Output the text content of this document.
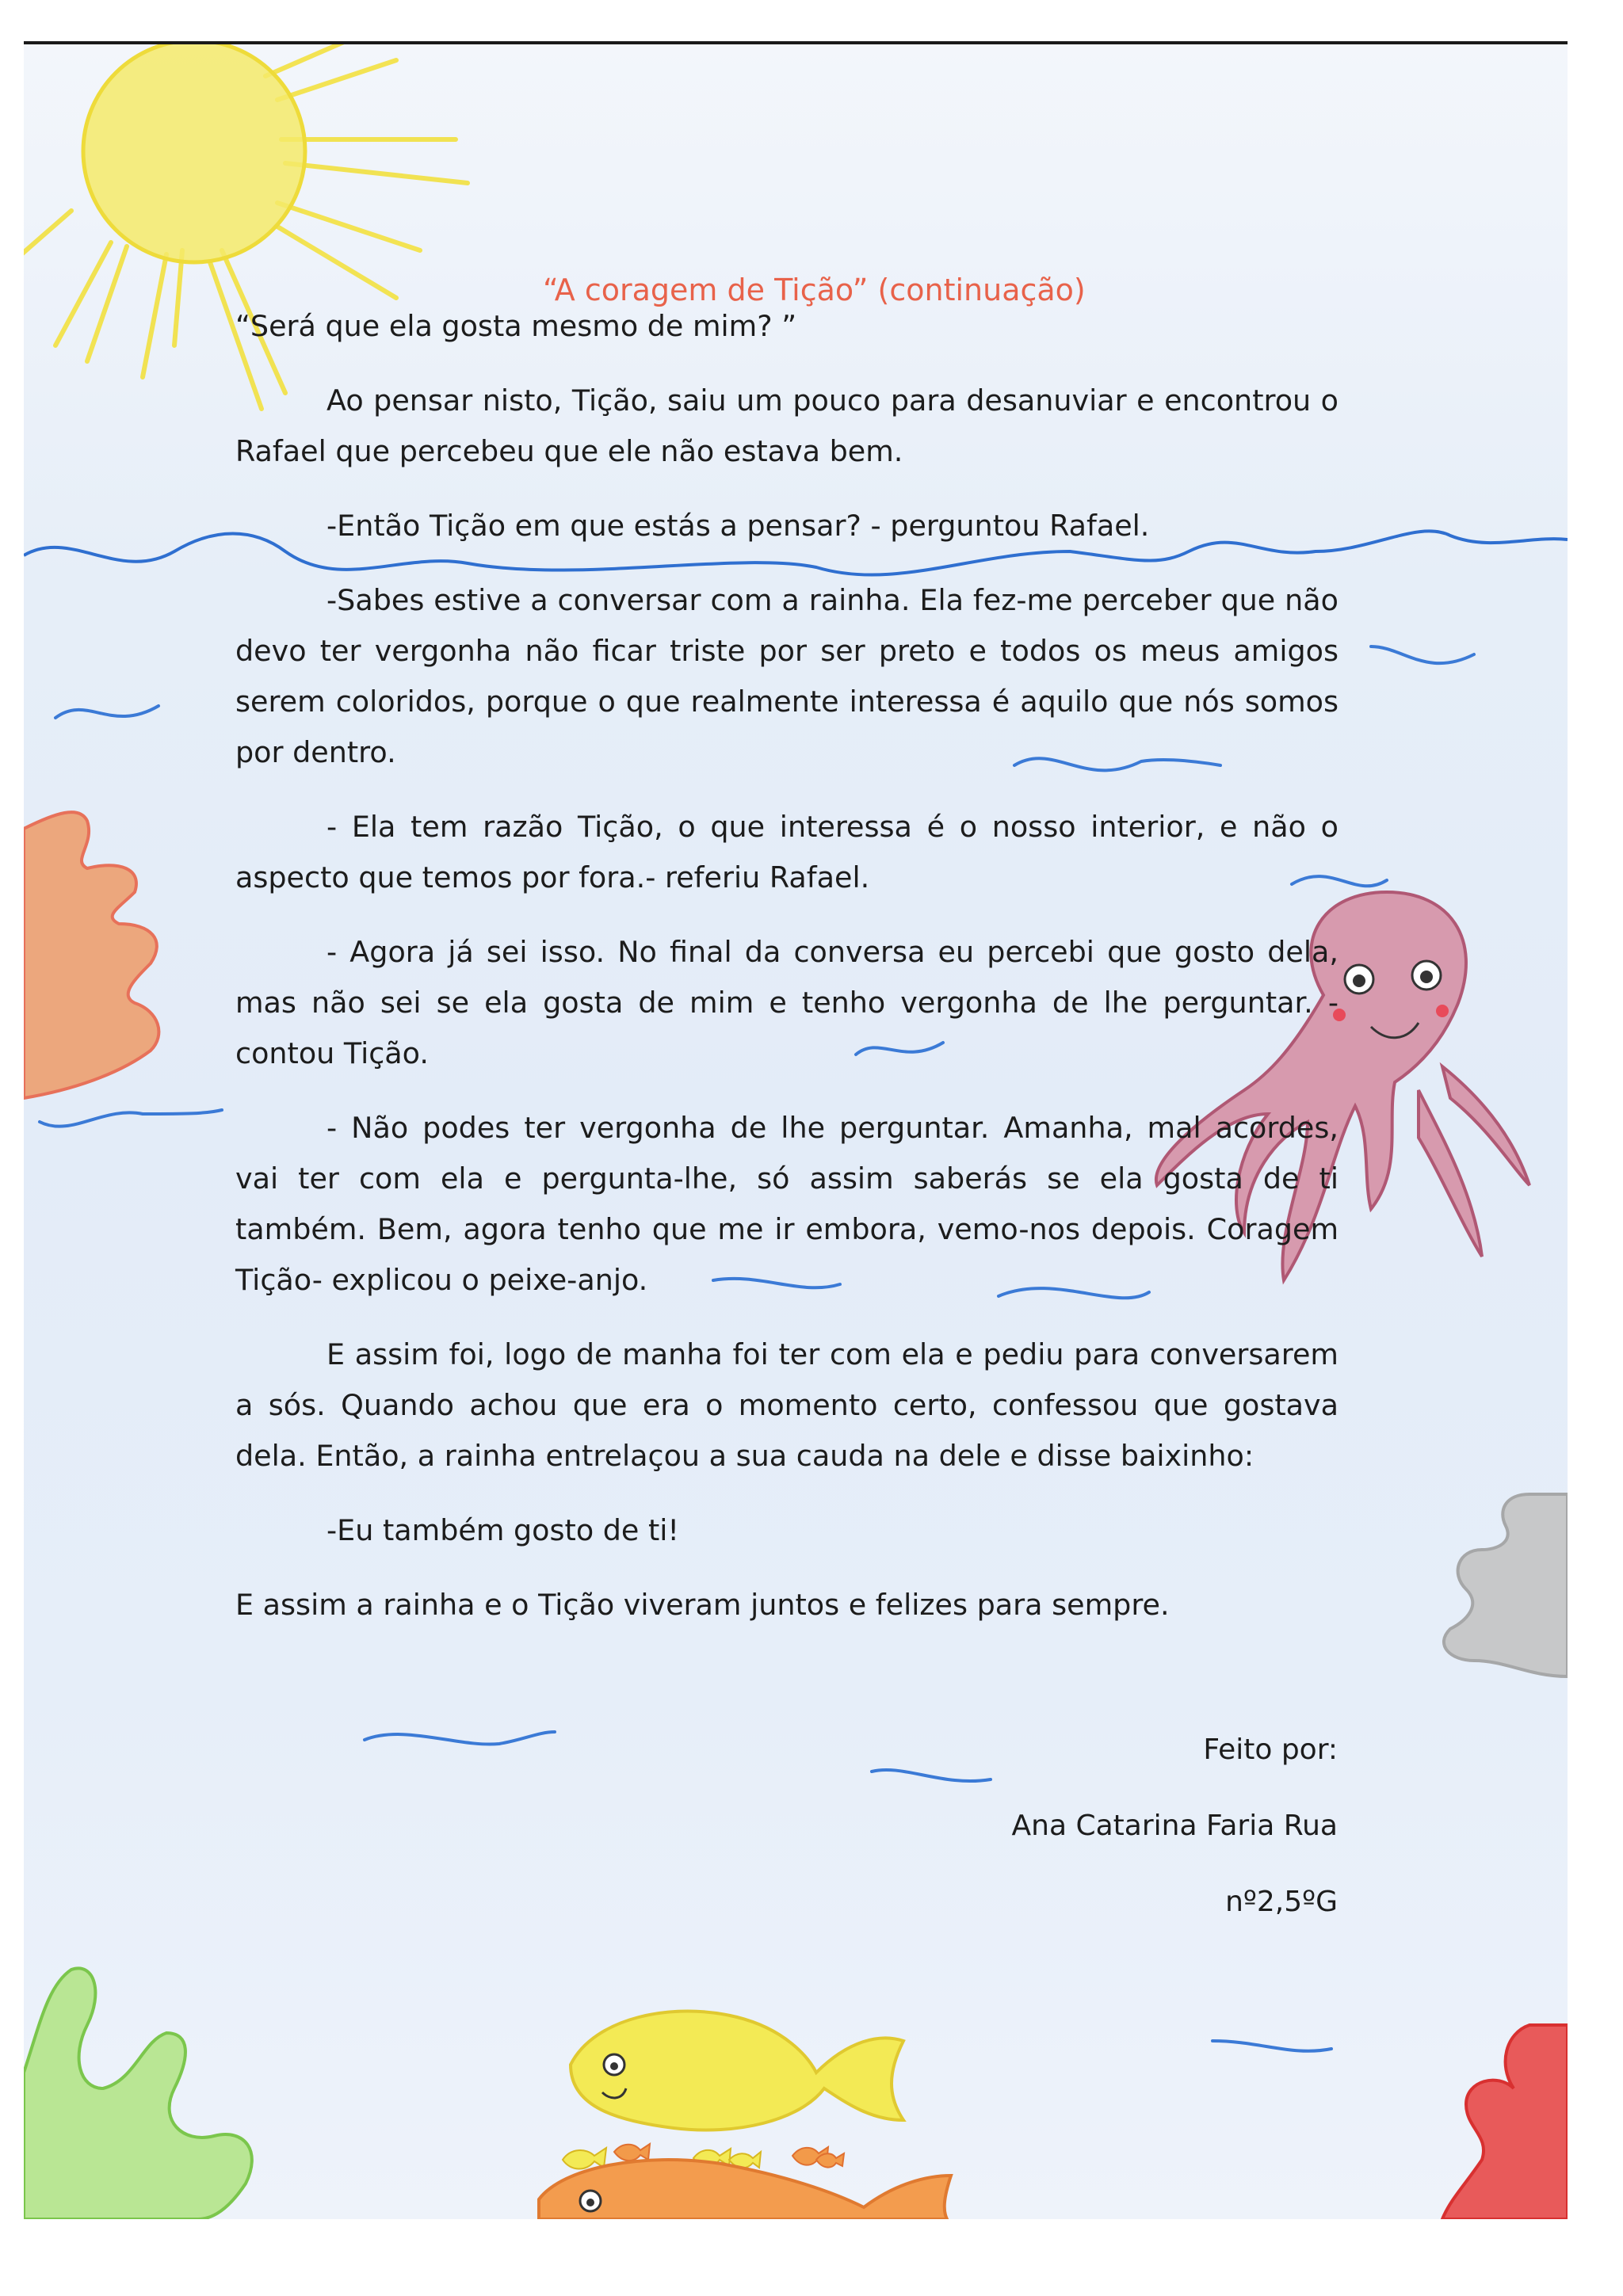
“A coragem de Tição” (continuação)

“Será que ela gosta mesmo de mim? ”

Ao pensar nisto, Tição, saiu um pouco para desanuviar e encontrou o Rafael que percebeu que ele não estava bem.

-Então Tição em que estás a pensar? - perguntou Rafael.

-Sabes estive a conversar com a rainha. Ela fez-me perceber que não devo ter vergonha não ficar triste por ser preto e todos os meus amigos serem coloridos, porque o que realmente interessa é aquilo que nós somos por dentro.

- Ela tem razão Tição, o que interessa é o nosso interior, e não o aspecto que temos por fora.- referiu Rafael.

- Agora já sei isso. No final da conversa eu percebi que gosto dela, mas não sei se ela gosta de mim e tenho vergonha de lhe perguntar. - contou Tição.

- Não podes ter vergonha de lhe perguntar. Amanha, mal acordes, vai ter com ela e pergunta-lhe, só assim saberás se ela gosta de ti também. Bem, agora tenho que me ir embora, vemo-nos depois. Coragem Tição- explicou o peixe-anjo.

E assim foi, logo de manha foi ter com ela e pediu para conversarem a sós. Quando achou que era o momento certo, confessou que gostava dela. Então, a rainha entrelaçou a sua cauda na dele e disse baixinho:

-Eu também gosto de ti!

E assim a rainha e o Tição viveram juntos e felizes para sempre.

Feito por:
Ana Catarina Faria Rua
nº2,5ºG
